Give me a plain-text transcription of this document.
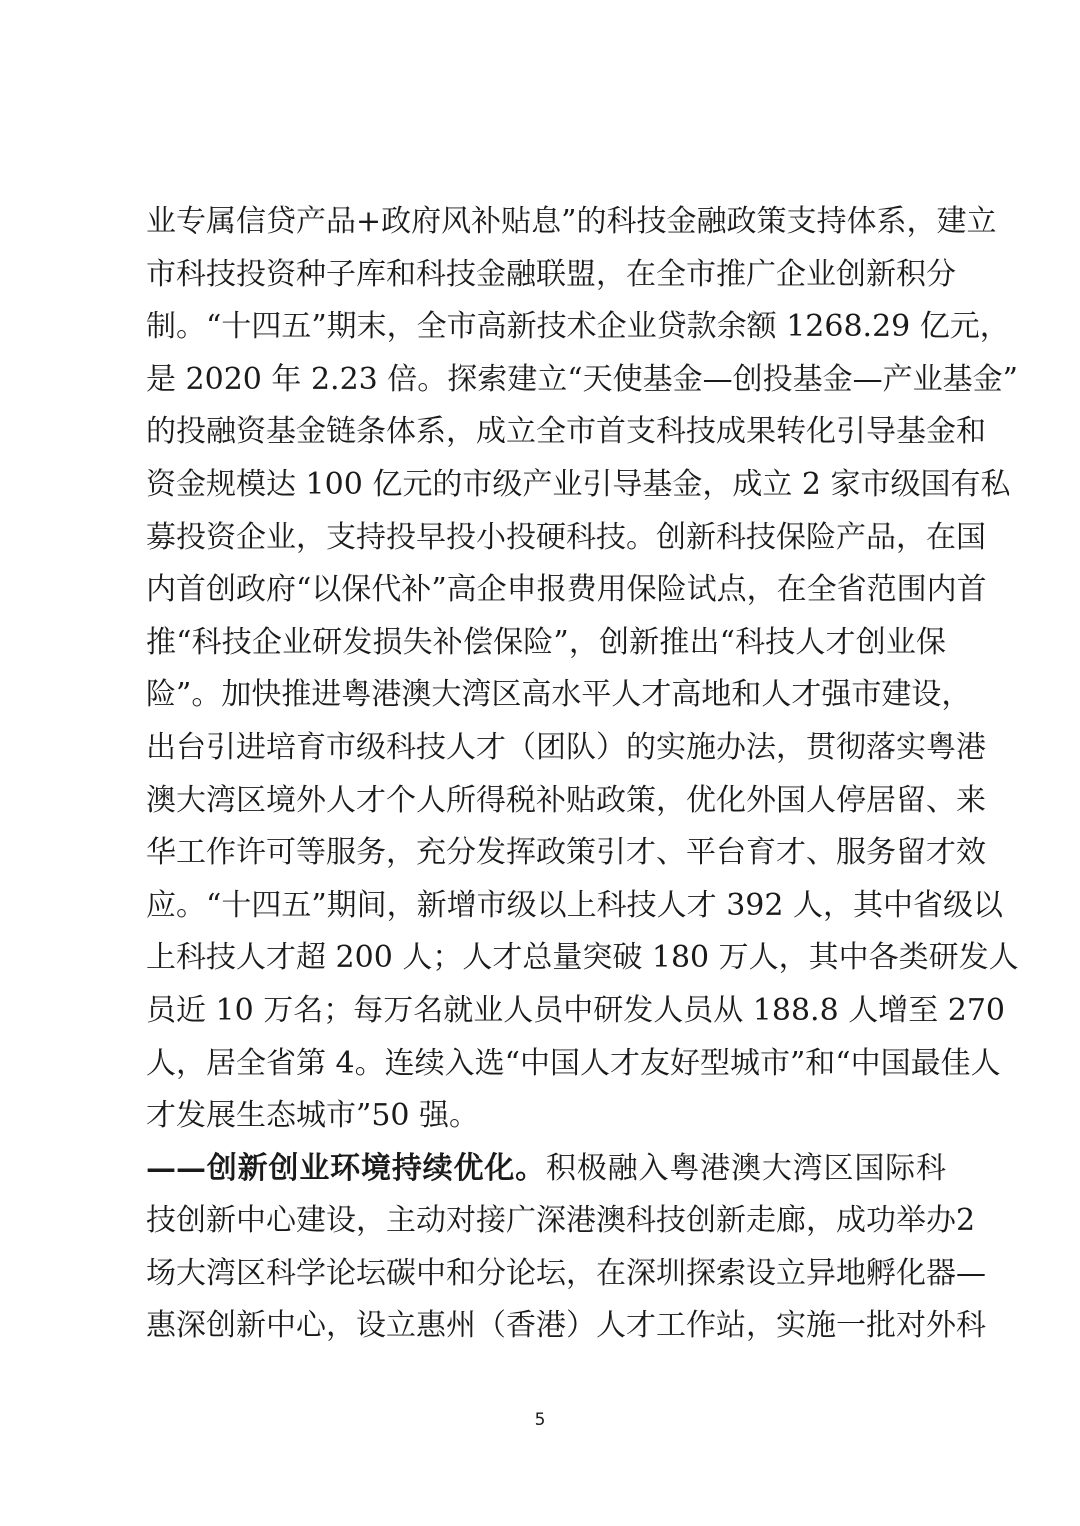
业专属信贷产品+政府风补贴息”的科技金融政策支持体系，建立
市科技投资种子库和科技金融联盟，在全市推广企业创新积分
制。“十四五”期末，全市高新技术企业贷款余额 1268.29 亿元，
是 2020 年 2.23 倍。探索建立“天使基金—创投基金—产业基金”
的投融资基金链条体系，成立全市首支科技成果转化引导基金和
资金规模达 100 亿元的市级产业引导基金，成立 2 家市级国有私
募投资企业，支持投早投小投硬科技。创新科技保险产品，在国
内首创政府“以保代补”高企申报费用保险试点，在全省范围内首
推“科技企业研发损失补偿保险”，创新推出“科技人才创业保
险”。加快推进粤港澳大湾区高水平人才高地和人才强市建设，
出台引进培育市级科技人才（团队）的实施办法，贯彻落实粤港
澳大湾区境外人才个人所得税补贴政策，优化外国人停居留、来
华工作许可等服务，充分发挥政策引才、平台育才、服务留才效
应。“十四五”期间，新增市级以上科技人才 392 人，其中省级以
上科技人才超 200 人；人才总量突破 180 万人，其中各类研发人
员近 10 万名；每万名就业人员中研发人员从 188.8 人增至 270
人，居全省第 4。连续入选“中国人才友好型城市”和“中国最佳人
才发展生态城市”50 强。
——创新创业环境持续优化。积极融入粤港澳大湾区国际科
技创新中心建设，主动对接广深港澳科技创新走廊，成功举办2
场大湾区科学论坛碳中和分论坛，在深圳探索设立异地孵化器—
惠深创新中心，设立惠州（香港）人才工作站，实施一批对外科
5
